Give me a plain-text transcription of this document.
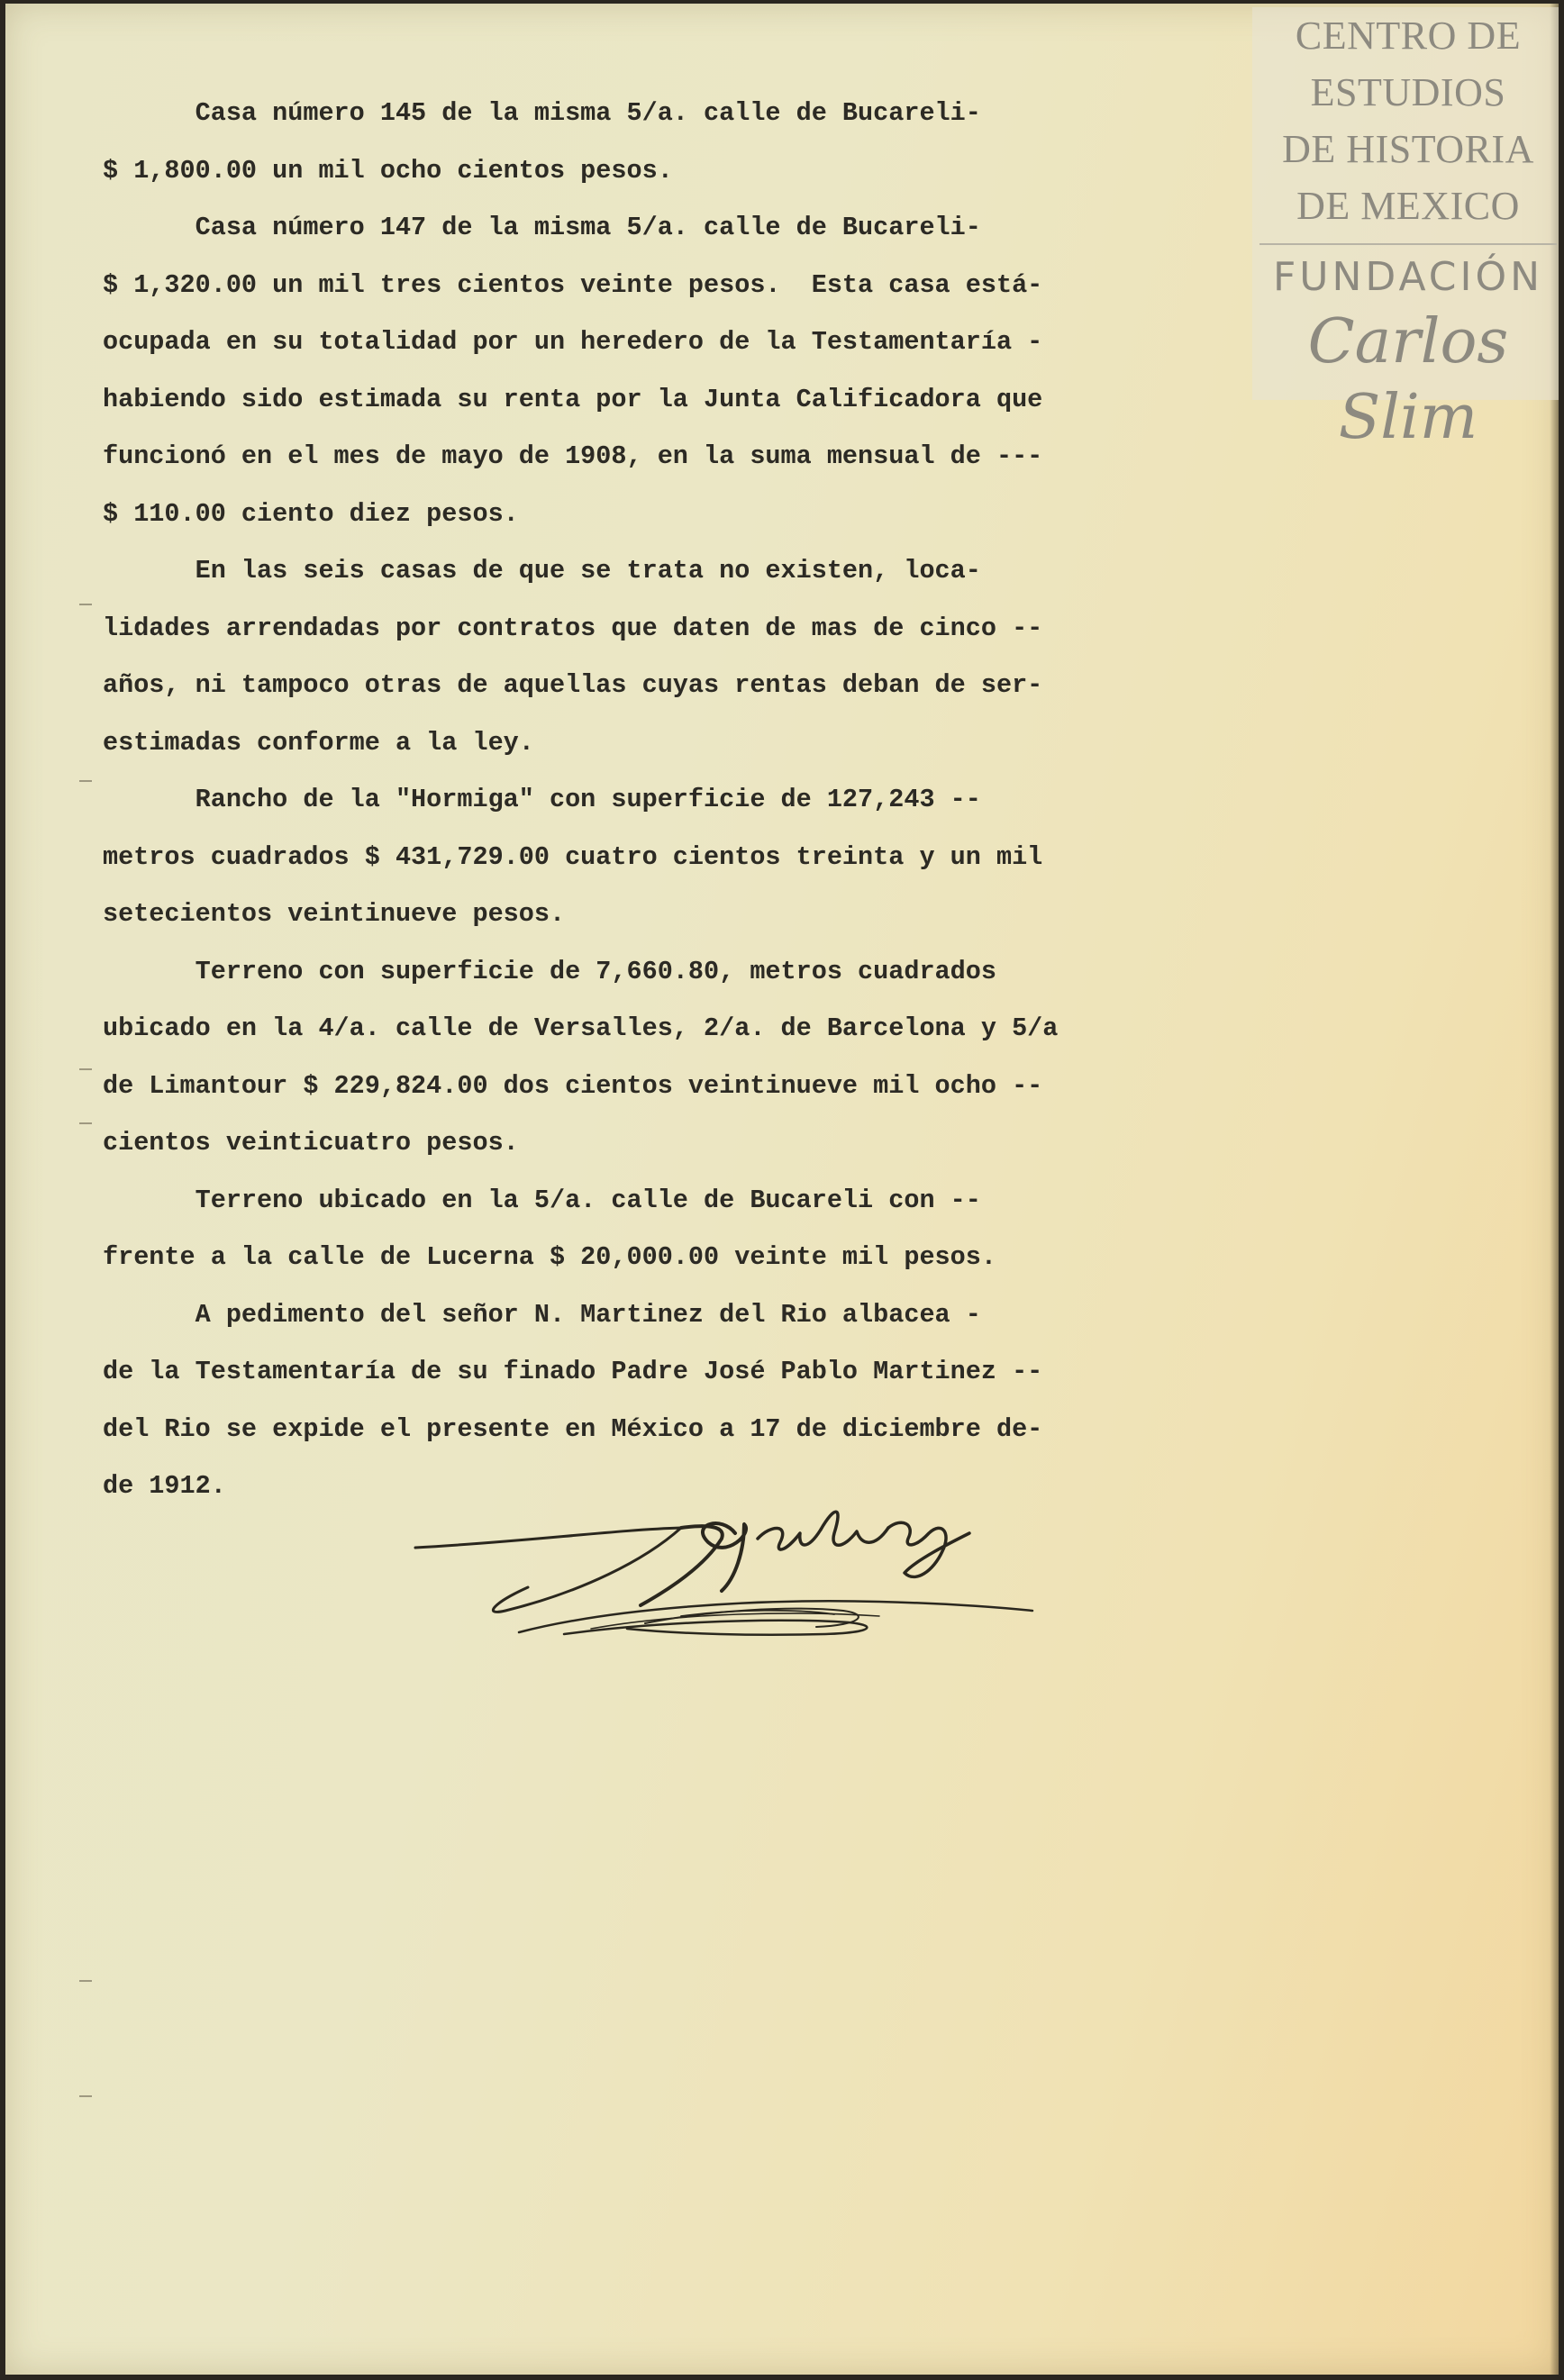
CENTRO DE
ESTUDIOS
DE HISTORIA
DE MEXICO
FUNDACIÓN
Carlos Slim
Casa número 145 de la misma 5/a. calle de Bucareli-
$ 1,800.00 un mil ocho cientos pesos.
Casa número 147 de la misma 5/a. calle de Bucareli-
$ 1,320.00 un mil tres cientos veinte pesos.  Esta casa está-
ocupada en su totalidad por un heredero de la Testamentaría -
habiendo sido estimada su renta por la Junta Calificadora que
funcionó en el mes de mayo de 1908, en la suma mensual de ---
$ 110.00 ciento diez pesos.
En las seis casas de que se trata no existen, loca-
lidades arrendadas por contratos que daten de mas de cinco --
años, ni tampoco otras de aquellas cuyas rentas deban de ser-
estimadas conforme a la ley.
Rancho de la "Hormiga" con superficie de 127,243 --
metros cuadrados $ 431,729.00 cuatro cientos treinta y un mil
setecientos veintinueve pesos.
Terreno con superficie de 7,660.80, metros cuadrados
ubicado en la 4/a. calle de Versalles, 2/a. de Barcelona y 5/a
de Limantour $ 229,824.00 dos cientos veintinueve mil ocho --
cientos veinticuatro pesos.
Terreno ubicado en la 5/a. calle de Bucareli con --
frente a la calle de Lucerna $ 20,000.00 veinte mil pesos.
A pedimento del señor N. Martinez del Rio albacea -
de la Testamentaría de su finado Padre José Pablo Martinez --
del Rio se expide el presente en México a 17 de diciembre de-
de 1912.
